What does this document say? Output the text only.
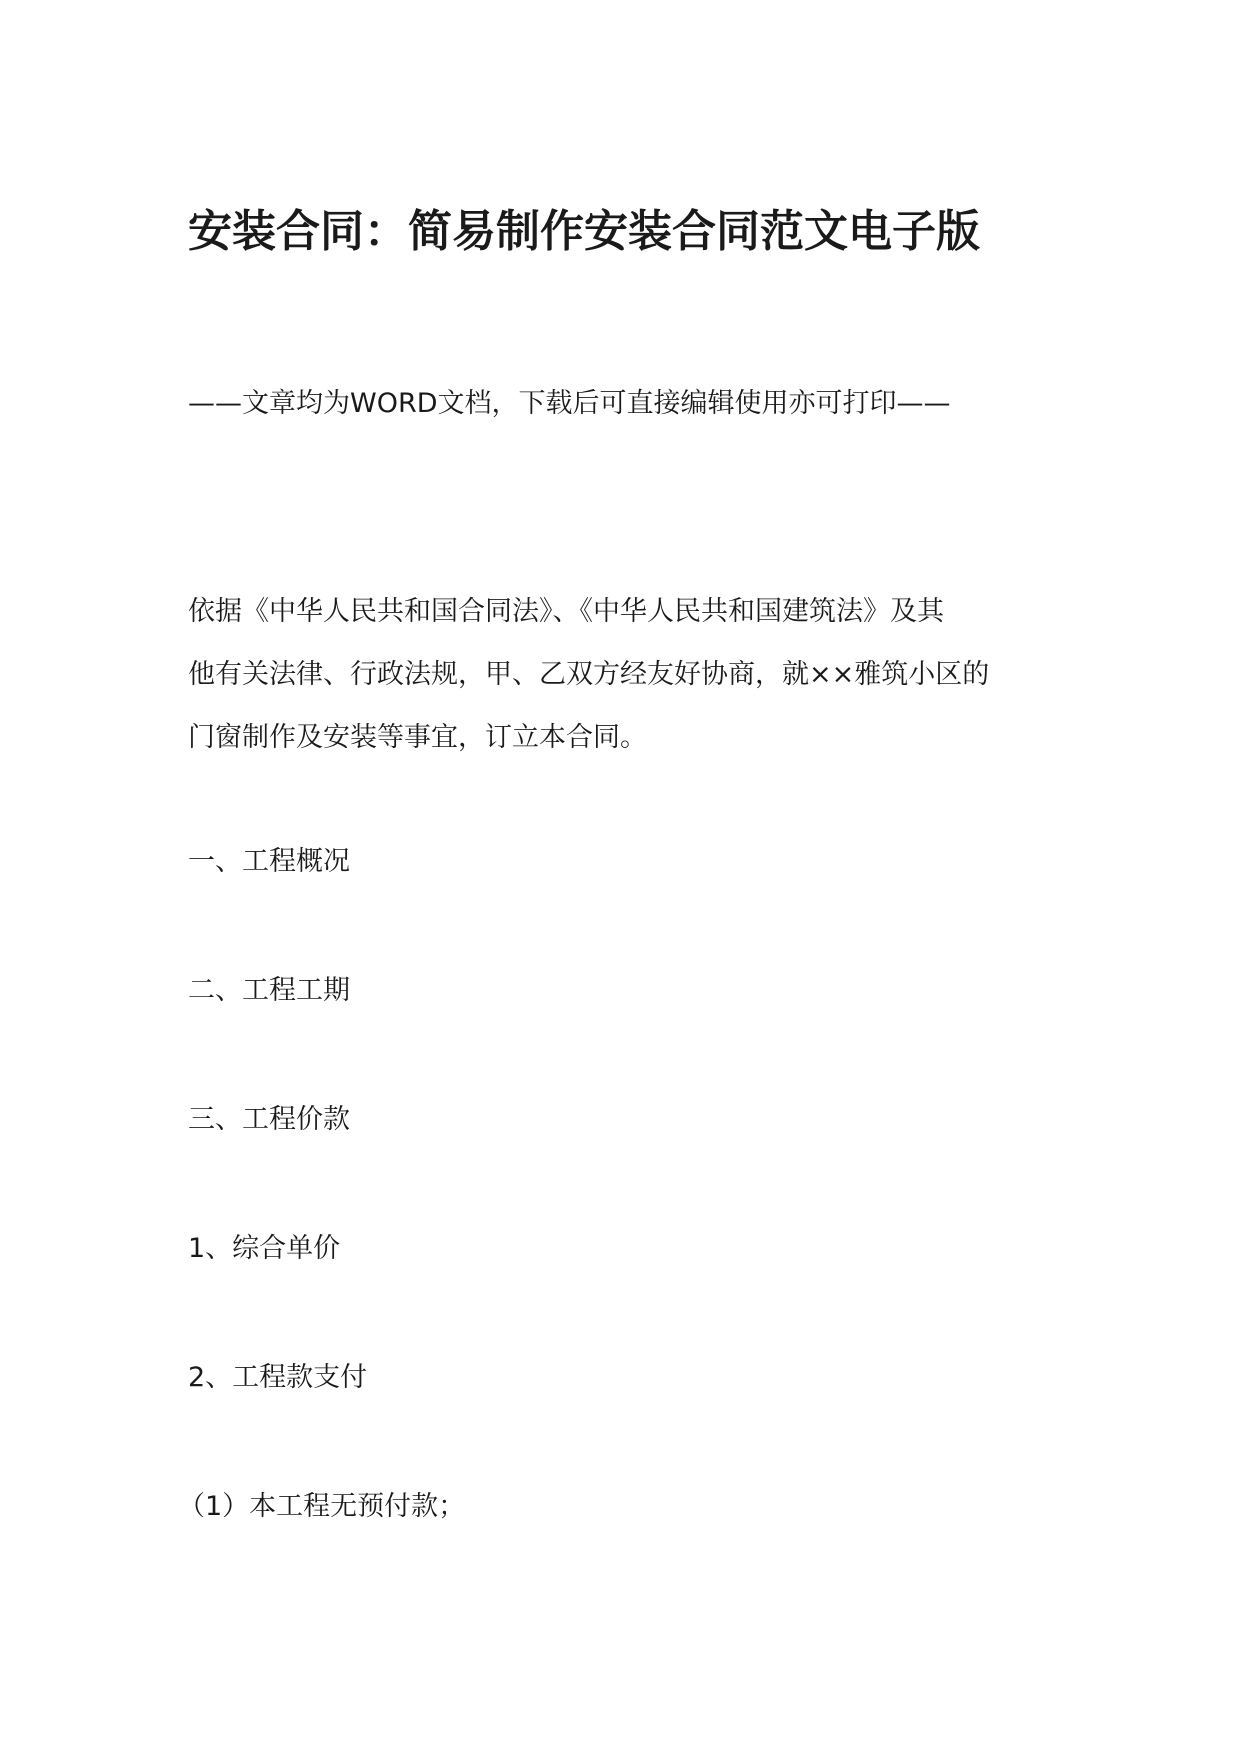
安装合同：简易制作安装合同范文电子版
——文章均为WORD文档，下载后可直接编辑使用亦可打印——
依据《中华人民共和国合同法》、《中华人民共和国建筑法》及其
他有关法律、行政法规，甲、乙双方经友好协商，就××雅筑小区的
门窗制作及安装等事宜，订立本合同。
一、工程概况
二、工程工期
三、工程价款
1、综合单价
2、工程款支付
（1）本工程无预付款；
